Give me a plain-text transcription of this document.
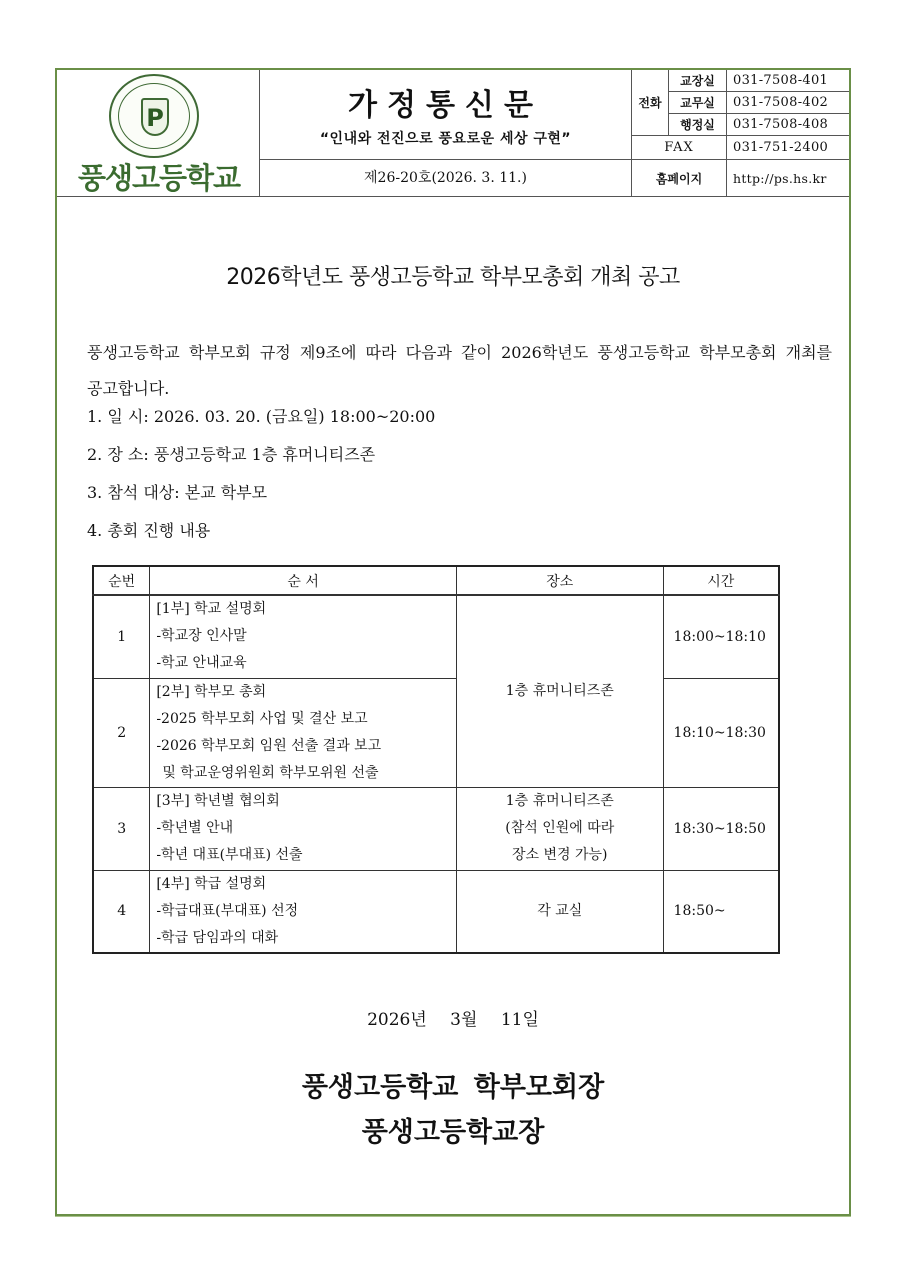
P
풍생고등학교
가정통신문
“인내와 전진으로 풍요로운 세상 구현”
제26-20호(2026. 3. 11.)
전화
교장실	031-7508-401
교무실	031-7508-402
행정실	031-7508-408
FAX	031-751-2400
홈페이지	http://ps.hs.kr
2026학년도 풍생고등학교 학부모총회 개최 공고
풍생고등학교 학부모회 규정 제9조에 따라 다음과 같이 2026학년도 풍생고등학교 학부모총회 개최를 공고합니다.
1. 일 시: 2026. 03. 20. (금요일) 18:00~20:00
2. 장 소: 풍생고등학교 1층 휴머니티즈존
3. 참석 대상: 본교 학부모
4. 총회 진행 내용
순번	순 서	장소	시간
1	[1부] 학교 설명회
-학교장 인사말
-학교 안내교육	1층 휴머니티즈존	18:00~18:10
2	[2부] 학부모 총회
-2025 학부모회 사업 및 결산 보고
-2026 학부모회 임원 선출 결과 보고
및 학교운영위원회 학부모위원 선출		18:10~18:30
3	[3부] 학년별 협의회
-학년별 안내
-학년 대표(부대표) 선출	1층 휴머니티즈존
(참석 인원에 따라
장소 변경 가능)	18:30~18:50
4	[4부] 학급 설명회
-학급대표(부대표) 선정
-학급 담임과의 대화	각 교실	18:50~
2026년 3월 11일
풍생고등학교 학부모회장
풍생고등학교장
